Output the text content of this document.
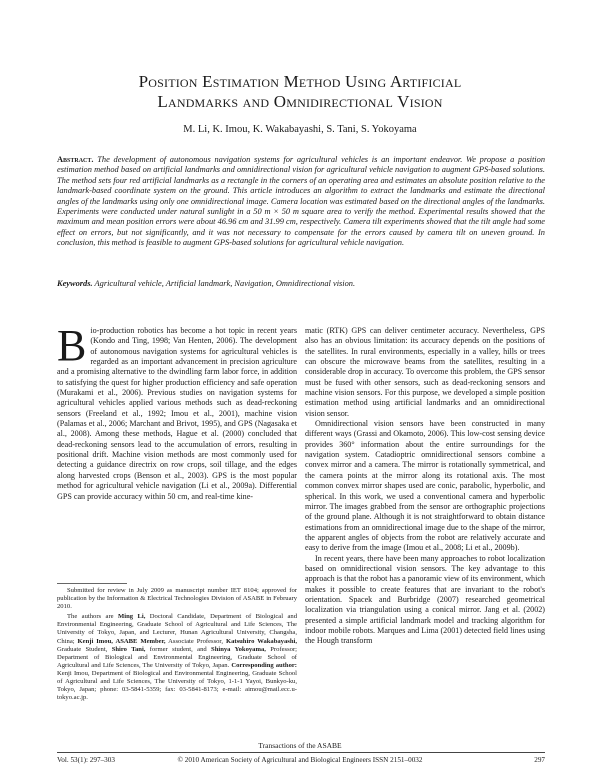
Position Estimation Method Using Artificial
Landmarks and Omnidirectional Vision
M. Li, K. Imou, K. Wakabayashi, S. Tani, S. Yokoyama

Abstract. The development of autonomous navigation systems for agricultural vehicles is an important endeavor. We propose a position estimation method based on artificial landmarks and omnidirectional vision for agricultural vehicle navigation to augment GPS-based solutions. The method sets four red artificial landmarks as a rectangle in the corners of an operating area and estimates an absolute position relative to the landmark-based coordinate system on the ground. This article introduces an algorithm to extract the landmarks and estimate the directional angles of the landmarks using only one omnidirectional image. Camera location was estimated based on the directional angles of the landmarks. Experiments were conducted under natural sunlight in a 50 m × 50 m square area to verify the method. Experimental results showed that the maximum and mean position errors were about 46.96 cm and 31.99 cm, respectively. Camera tilt experiments showed that the tilt angle had some effect on errors, but not significantly, and it was not necessary to compensate for the errors caused by camera tilt on uneven ground. In conclusion, this method is feasible to augment GPS-based solutions for agricultural vehicle navigation.

Keywords. Agricultural vehicle, Artificial landmark, Navigation, Omnidirectional vision.

Bio-production robotics has become a hot topic in recent years (Kondo and Ting, 1998; Van Henten, 2006). The development of autonomous navigation systems for agricultural vehicles is regarded as an important advancement in precision agriculture and a promising alternative to the dwindling farm labor force, in addition to satisfying the quest for higher production efficiency and safe operation (Murakami et al., 2006). Previous studies on navigation systems for agricultural vehicles applied various methods such as dead-reckoning sensors (Freeland et al., 1992; Imou et al., 2001), machine vision (Palamas et al., 2006; Marchant and Brivot, 1995), and GPS (Nagasaka et al., 2008). Among these methods, Hague et al. (2000) concluded that dead-reckoning sensors lead to the accumulation of errors, resulting in positional drift. Machine vision methods are most commonly used for detecting a guidance directrix on row crops, soil tillage, and the edges along harvested crops (Benson et al., 2003). GPS is the most popular method for agricultural vehicle navigation (Li et al., 2009a). Differential GPS can provide accuracy within 50 cm, and real-time kine-

matic (RTK) GPS can deliver centimeter accuracy. Nevertheless, GPS also has an obvious limitation: its accuracy depends on the positions of the satellites. In rural environments, especially in a valley, hills or trees can obscure the microwave beams from the satellites, resulting in a considerable drop in accuracy. To overcome this problem, the GPS sensor must be fused with other sensors, such as dead-reckoning sensors and machine vision sensors. For this purpose, we developed a simple position estimation method using artificial landmarks and an omnidirectional vision sensor.

Omnidirectional vision sensors have been constructed in many different ways (Grassi and Okamoto, 2006). This low-cost sensing device provides 360° information about the entire surroundings for the navigation system. Catadioptric omnidirectional sensors combine a convex mirror and a camera. The mirror is rotationally symmetrical, and the camera points at the mirror along its rotational axis. The most common convex mirror shapes used are conic, parabolic, hyperbolic, and spherical. In this work, we used a conventional camera and hyperbolic mirror. The images grabbed from the sensor are orthographic projections of the ground plane. Although it is not straightforward to obtain distance estimations from an omnidirectional image due to the shape of the mirror, the apparent angles of objects from the robot are relatively accurate and easy to derive from the image (Imou et al., 2008; Li et al., 2009b).

In recent years, there have been many approaches to robot localization based on omnidirectional vision sensors. The key advantage to this approach is that the robot has a panoramic view of its environment, which makes it possible to create features that are invariant to the robot's orientation. Spacek and Burbridge (2007) researched geometrical localization via triangulation using a conical mirror. Jang et al. (2002) presented a simple artificial landmark model and tracking algorithm for indoor mobile robots. Marques and Lima (2001) detected field lines using the Hough transform

Submitted for review in July 2009 as manuscript number IET 8104; approved for publication by the Information & Electrical Technologies Division of ASABE in February 2010.

The authors are Ming Li, Doctoral Candidate, Department of Biological and Environmental Engineering, Graduate School of Agricultural and Life Sciences, The University of Tokyo, Japan, and Lecturer, Hunan Agricultural University, Changsha, China; Kenji Imou, ASABE Member, Associate Professor, Katsuhiro Wakabayashi, Graduate Student, Shiro Tani, former student, and Shinya Yokoyama, Professor; Department of Biological and Environmental Engineering, Graduate School of Agricultural and Life Sciences, The University of Tokyo, Japan. Corresponding author: Kenji Imou, Department of Biological and Environmental Engineering, Graduate School of Agricultural and Life Sciences, The University of Tokyo, 1-1-1 Yayoi, Bunkyo-ku, Tokyo, Japan; phone: 03-5841-5359; fax: 03-5841-8173; e-mail: aimou@mail.ecc.u-tokyo.ac.jp.

Transactions of the ASABE
Vol. 53(1): 297–303	© 2010 American Society of Agricultural and Biological Engineers ISSN 2151–0032	297
